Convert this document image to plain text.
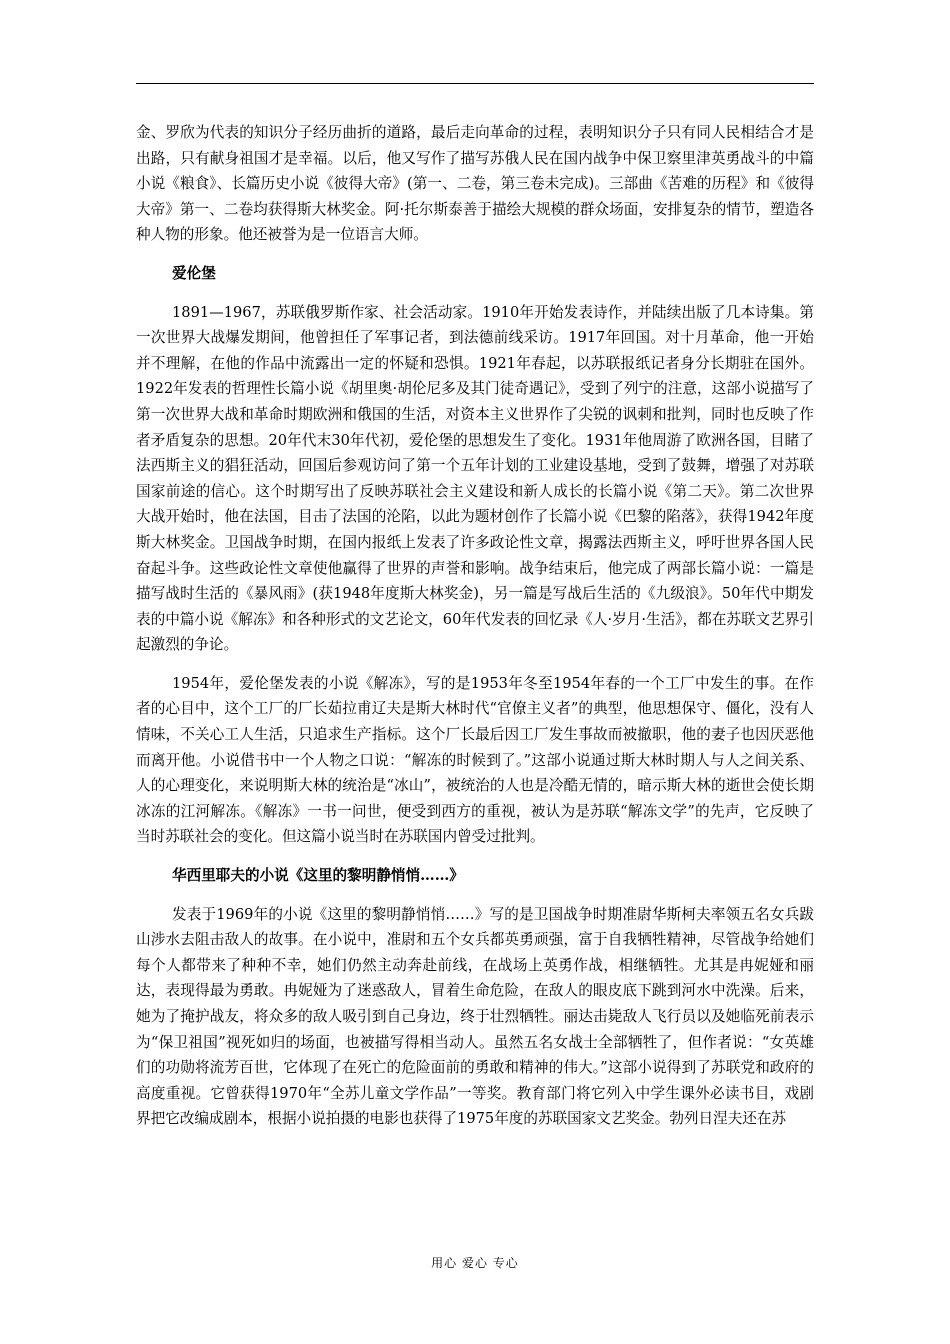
金、罗欣为代表的知识分子经历曲折的道路，最后走向革命的过程，表明知识分子只有同人民相结合才是出路，只有献身祖国才是幸福。以后，他又写作了描写苏俄人民在国内战争中保卫察里津英勇战斗的中篇小说《粮食》、长篇历史小说《彼得大帝》(第一、二卷，第三卷未完成)。三部曲《苦难的历程》和《彼得大帝》第一、二卷均获得斯大林奖金。阿·托尔斯泰善于描绘大规模的群众场面，安排复杂的情节，塑造各种人物的形象。他还被誉为是一位语言大师。

爱伦堡

1891—1967，苏联俄罗斯作家、社会活动家。1910年开始发表诗作，并陆续出版了几本诗集。第一次世界大战爆发期间，他曾担任了军事记者，到法德前线采访。1917年回国。对十月革命，他一开始并不理解，在他的作品中流露出一定的怀疑和恐惧。1921年春起，以苏联报纸记者身分长期驻在国外。1922年发表的哲理性长篇小说《胡里奥·胡伦尼多及其门徒奇遇记》，受到了列宁的注意，这部小说描写了第一次世界大战和革命时期欧洲和俄国的生活，对资本主义世界作了尖锐的讽刺和批判，同时也反映了作者矛盾复杂的思想。20年代末30年代初，爱伦堡的思想发生了变化。1931年他周游了欧洲各国，目睹了法西斯主义的猖狂活动，回国后参观访问了第一个五年计划的工业建设基地，受到了鼓舞，增强了对苏联国家前途的信心。这个时期写出了反映苏联社会主义建设和新人成长的长篇小说《第二天》。第二次世界大战开始时，他在法国，目击了法国的沦陷，以此为题材创作了长篇小说《巴黎的陷落》，获得1942年度斯大林奖金。卫国战争时期，在国内报纸上发表了许多政论性文章，揭露法西斯主义，呼吁世界各国人民奋起斗争。这些政论性文章使他赢得了世界的声誉和影响。战争结束后，他完成了两部长篇小说：一篇是描写战时生活的《暴风雨》(获1948年度斯大林奖金)，另一篇是写战后生活的《九级浪》。50年代中期发表的中篇小说《解冻》和各种形式的文艺论文，60年代发表的回忆录《人·岁月·生活》，都在苏联文艺界引起激烈的争论。

1954年，爱伦堡发表的小说《解冻》，写的是1953年冬至1954年春的一个工厂中发生的事。在作者的心目中，这个工厂的厂长茹拉甫辽夫是斯大林时代“官僚主义者”的典型，他思想保守、僵化，没有人情味，不关心工人生活，只追求生产指标。这个厂长最后因工厂发生事故而被撤职，他的妻子也因厌恶他而离开他。小说借书中一个人物之口说：“解冻的时候到了。”这部小说通过斯大林时期人与人之间关系、人的心理变化，来说明斯大林的统治是“冰山”，被统治的人也是冷酷无情的，暗示斯大林的逝世会使长期冰冻的江河解冻。《解冻》一书一问世，便受到西方的重视，被认为是苏联“解冻文学”的先声，它反映了当时苏联社会的变化。但这篇小说当时在苏联国内曾受过批判。

华西里耶夫的小说《这里的黎明静悄悄……》

发表于1969年的小说《这里的黎明静悄悄……》写的是卫国战争时期准尉华斯柯夫率领五名女兵跋山涉水去阻击敌人的故事。在小说中，准尉和五个女兵都英勇顽强，富于自我牺牲精神，尽管战争给她们每个人都带来了种种不幸，她们仍然主动奔赴前线，在战场上英勇作战，相继牺牲。尤其是冉妮娅和丽达，表现得最为勇敢。冉妮娅为了迷惑敌人，冒着生命危险，在敌人的眼皮底下跳到河水中洗澡。后来，她为了掩护战友，将众多的敌人吸引到自己身边，终于壮烈牺牲。丽达击毙敌人飞行员以及她临死前表示为“保卫祖国”视死如归的场面，也被描写得相当动人。虽然五名女战士全部牺牲了，但作者说：“女英雄们的功勋将流芳百世，它体现了在死亡的危险面前的勇敢和精神的伟大。”这部小说得到了苏联党和政府的高度重视。它曾获得1970年“全苏儿童文学作品”一等奖。教育部门将它列入中学生课外必读书目，戏剧界把它改编成剧本，根据小说拍摄的电影也获得了1975年度的苏联国家文艺奖金。勃列日涅夫还在苏

用心 爱心 专心
